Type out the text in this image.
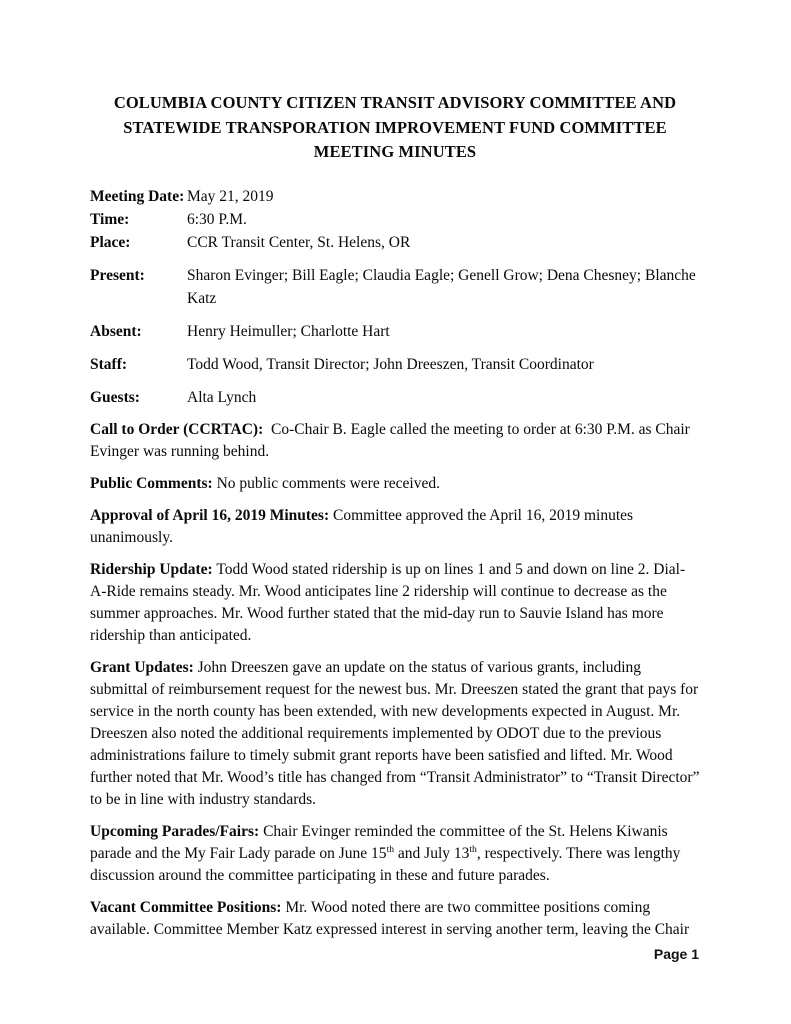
COLUMBIA COUNTY CITIZEN TRANSIT ADVISORY COMMITTEE AND
STATEWIDE TRANSPORATION IMPROVEMENT FUND COMMITTEE
MEETING MINUTES
Meeting Date: May 21, 2019
Time:	6:30 P.M.
Place:	CCR Transit Center, St. Helens, OR
Present:	Sharon Evinger; Bill Eagle; Claudia Eagle; Genell Grow; Dena Chesney; Blanche Katz
Absent:	Henry Heimuller; Charlotte Hart
Staff:	Todd Wood, Transit Director; John Dreeszen, Transit Coordinator
Guests:	Alta Lynch

Call to Order (CCRTAC):  Co-Chair B. Eagle called the meeting to order at 6:30 P.M. as Chair Evinger was running behind.

Public Comments: No public comments were received.

Approval of April 16, 2019 Minutes: Committee approved the April 16, 2019 minutes unanimously.

Ridership Update: Todd Wood stated ridership is up on lines 1 and 5 and down on line 2. Dial-A-Ride remains steady. Mr. Wood anticipates line 2 ridership will continue to decrease as the summer approaches. Mr. Wood further stated that the mid-day run to Sauvie Island has more ridership than anticipated.

Grant Updates: John Dreeszen gave an update on the status of various grants, including submittal of reimbursement request for the newest bus. Mr. Dreeszen stated the grant that pays for service in the north county has been extended, with new developments expected in August. Mr. Dreeszen also noted the additional requirements implemented by ODOT due to the previous administrations failure to timely submit grant reports have been satisfied and lifted. Mr. Wood further noted that Mr. Wood’s title has changed from “Transit Administrator” to “Transit Director” to be in line with industry standards.

Upcoming Parades/Fairs: Chair Evinger reminded the committee of the St. Helens Kiwanis parade and the My Fair Lady parade on June 15th and July 13th, respectively. There was lengthy discussion around the committee participating in these and future parades.

Vacant Committee Positions: Mr. Wood noted there are two committee positions coming available. Committee Member Katz expressed interest in serving another term, leaving the Chair

Page 1
